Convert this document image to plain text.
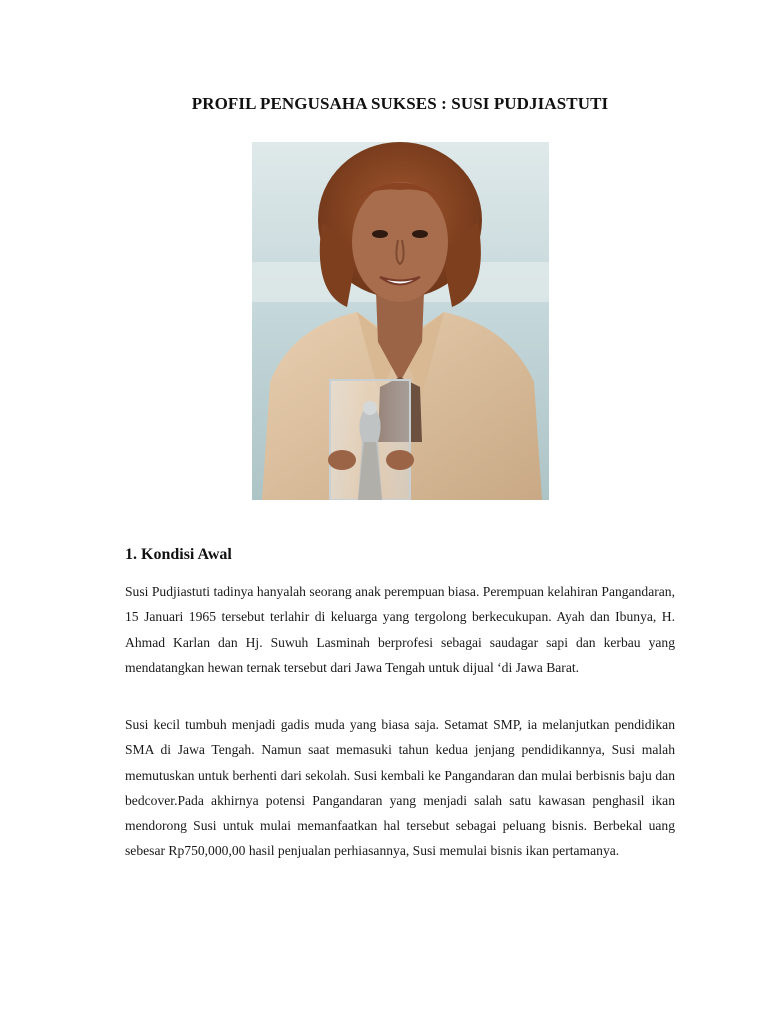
PROFIL PENGUSAHA SUKSES : SUSI PUDJIASTUTI
1. Kondisi Awal

Susi Pudjiastuti tadinya hanyalah seorang anak perempuan biasa. Perempuan kelahiran Pangandaran, 15 Januari 1965 tersebut terlahir di keluarga yang tergolong berkecukupan. Ayah dan Ibunya, H. Ahmad Karlan dan Hj. Suwuh Lasminah berprofesi sebagai saudagar sapi dan kerbau yang mendatangkan hewan ternak tersebut dari Jawa Tengah untuk dijual ‘di Jawa Barat.

Susi kecil tumbuh menjadi gadis muda yang biasa saja. Setamat SMP, ia melanjutkan pendidikan SMA di Jawa Tengah. Namun saat memasuki tahun kedua jenjang pendidikannya, Susi malah memutuskan untuk berhenti dari sekolah. Susi kembali ke Pangandaran dan mulai berbisnis baju dan bedcover.Pada akhirnya potensi Pangandaran yang menjadi salah satu kawasan penghasil ikan mendorong Susi untuk mulai memanfaatkan hal tersebut sebagai peluang bisnis. Berbekal uang sebesar Rp750,000,00 hasil penjualan perhiasannya, Susi memulai bisnis ikan pertamanya.
